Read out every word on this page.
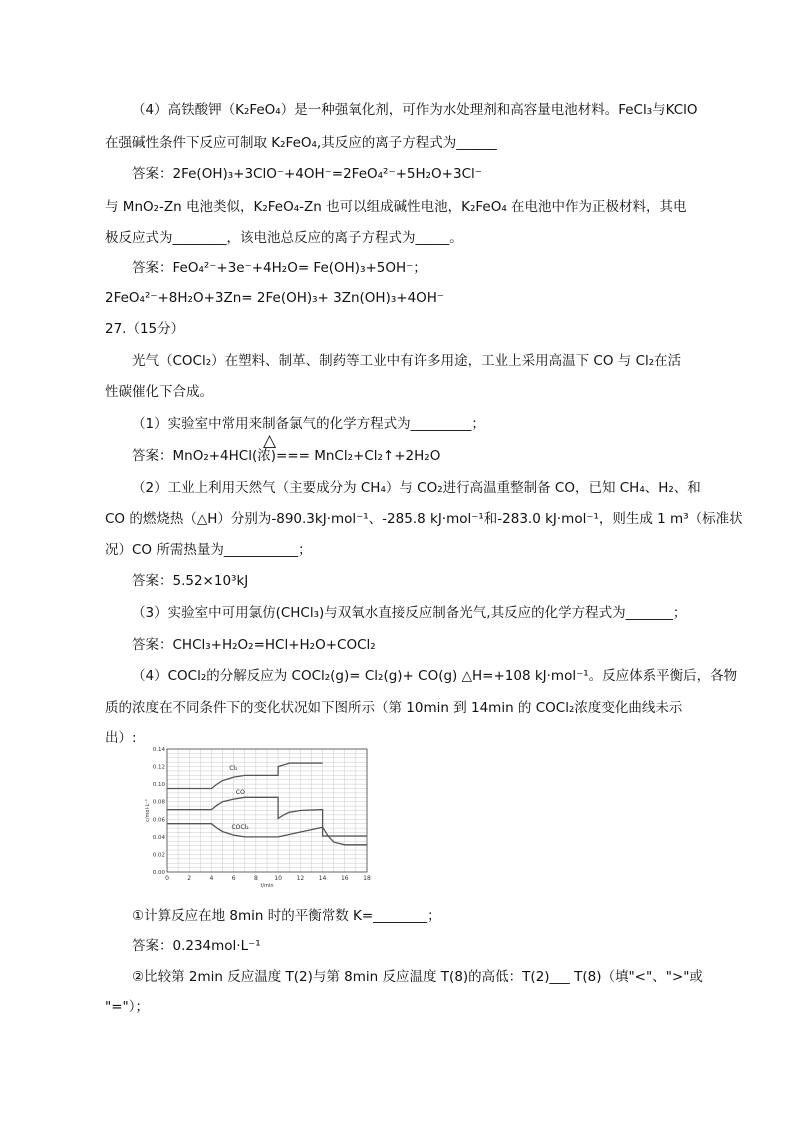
（4）高铁酸钾（K₂FeO₄）是一种强氧化剂，可作为水处理剂和高容量电池材料。FeCl₃与KClO
在强碱性条件下反应可制取 K₂FeO₄,其反应的离子方程式为______
答案：2Fe(OH)₃+3ClO⁻+4OH⁻=2FeO₄²⁻+5H₂O+3Cl⁻
与 MnO₂-Zn 电池类似，K₂FeO₄-Zn 也可以组成碱性电池，K₂FeO₄ 在电池中作为正极材料，其电
极反应式为________，该电池总反应的离子方程式为_____。
答案：FeO₄²⁻+3e⁻+4H₂O= Fe(OH)₃+5OH⁻；
2FeO₄²⁻+8H₂O+3Zn= 2Fe(OH)₃+ 3Zn(OH)₃+4OH⁻
27.（15分）
光气（COCl₂）在塑料、制革、制药等工业中有许多用途，工业上采用高温下 CO 与 Cl₂在活
性碳催化下合成。
（1）实验室中常用来制备氯气的化学方程式为_________；
△
答案：MnO₂+4HCl(浓)=== MnCl₂+Cl₂↑+2H₂O
（2）工业上利用天然气（主要成分为 CH₄）与 CO₂进行高温重整制备 CO，已知 CH₄、H₂、和
CO 的燃烧热（△H）分别为-890.3kJ·mol⁻¹、-285.8 kJ·mol⁻¹和-283.0 kJ·mol⁻¹，则生成 1 m³（标准状
况）CO 所需热量为___________；
答案：5.52×10³kJ
（3）实验室中可用氯仿(CHCl₃)与双氧水直接反应制备光气,其反应的化学方程式为_______；
答案：CHCl₃+H₂O₂=HCl+H₂O+COCl₂
（4）COCl₂的分解反应为 COCl₂(g)= Cl₂(g)+ CO(g) △H=+108 kJ·mol⁻¹。反应体系平衡后，各物
质的浓度在不同条件下的变化状况如下图所示（第 10min 到 14min 的 COCl₂浓度变化曲线未示
出）:
0	2	4	6	8	10 12 14 16 18
0.00
0.02
0.04
0.06
0.08
0.10
0.12
0.14
t/min
c/mol·L⁻¹
Cl₂
CO
COCl₂
①计算反应在地 8min 时的平衡常数 K=________；
答案：0.234mol·L⁻¹
②比较第 2min 反应温度 T(2)与第 8min 反应温度 T(8)的高低：T(2)___ T(8)（填"<"、">"或
"="）；
